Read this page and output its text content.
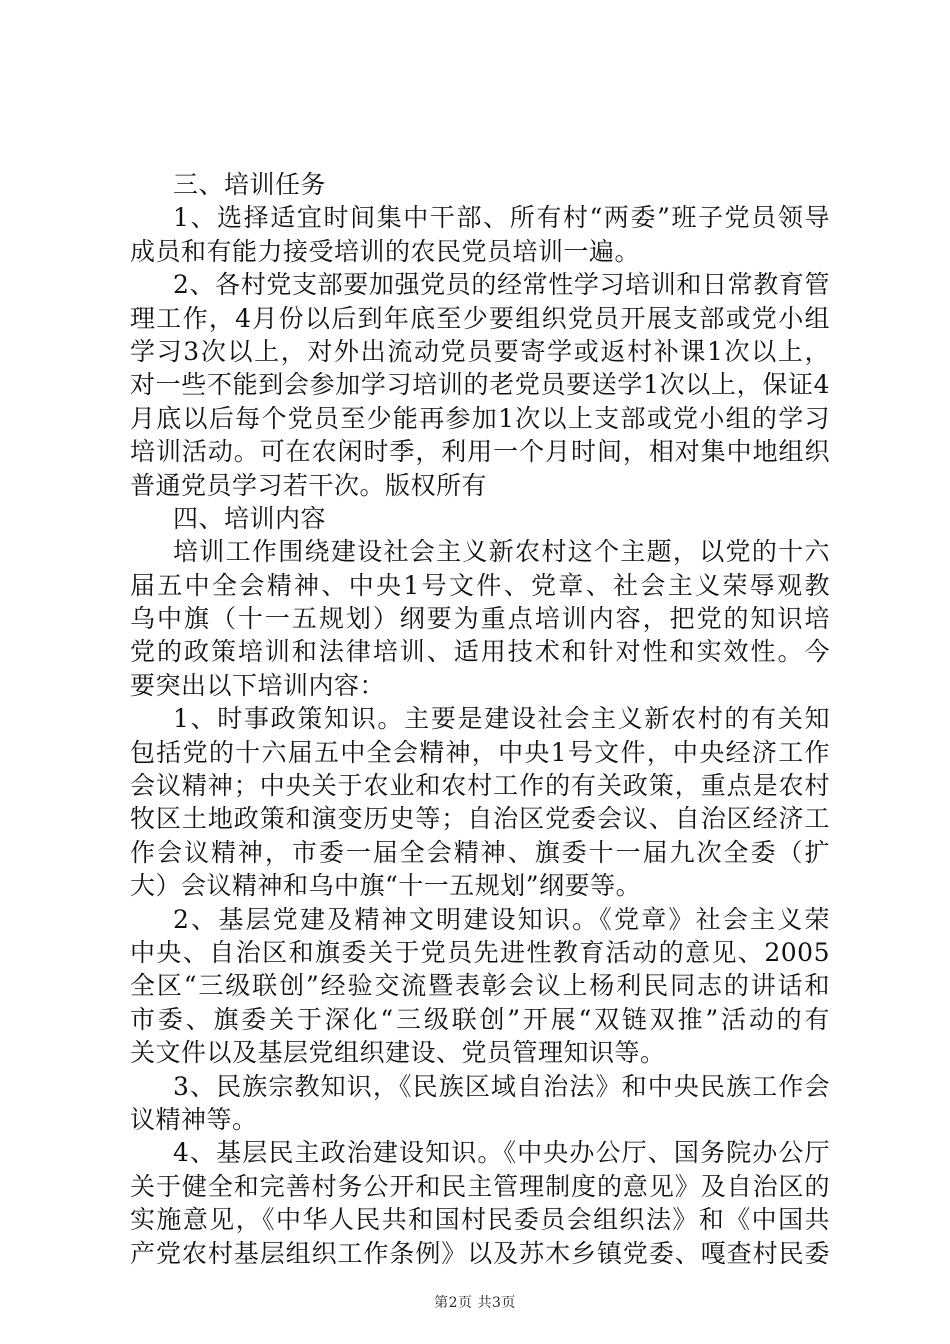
三、培训任务
1、选择适宜时间集中干部、所有村“两委”班子党员领导
成员和有能力接受培训的农民党员培训一遍。
2、各村党支部要加强党员的经常性学习培训和日常教育管
理工作，4月份以后到年底至少要组织党员开展支部或党小组
学习3次以上，对外出流动党员要寄学或返村补课1次以上，
对一些不能到会参加学习培训的老党员要送学1次以上，保证4
月底以后每个党员至少能再参加1次以上支部或党小组的学习
培训活动。可在农闲时季，利用一个月时间，相对集中地组织
普通党员学习若干次。版权所有
四、培训内容
培训工作围绕建设社会主义新农村这个主题，以党的十六
届五中全会精神、中央1号文件、党章、社会主义荣辱观教
乌中旗（十一五规划）纲要为重点培训内容，把党的知识培
党的政策培训和法律培训、适用技术和针对性和实效性。今
要突出以下培训内容：
1、时事政策知识。主要是建设社会主义新农村的有关知
包括党的十六届五中全会精神，中央1号文件，中央经济工作
会议精神；中央关于农业和农村工作的有关政策，重点是农村
牧区土地政策和演变历史等；自治区党委会议、自治区经济工
作会议精神，市委一届全会精神、旗委十一届九次全委（扩
大）会议精神和乌中旗“十一五规划”纲要等。
2、基层党建及精神文明建设知识。《党章》社会主义荣
中央、自治区和旗委关于党员先进性教育活动的意见、2005
全区“三级联创”经验交流暨表彰会议上杨利民同志的讲话和
市委、旗委关于深化“三级联创”开展“双链双推”活动的有
关文件以及基层党组织建设、党员管理知识等。
3、民族宗教知识，《民族区域自治法》和中央民族工作会
议精神等。
4、基层民主政治建设知识。《中央办公厅、国务院办公厅
关于健全和完善村务公开和民主管理制度的意见》及自治区的
实施意见，《中华人民共和国村民委员会组织法》和《中国共
产党农村基层组织工作条例》以及苏木乡镇党委、嘎查村民委
第2页 共3页
